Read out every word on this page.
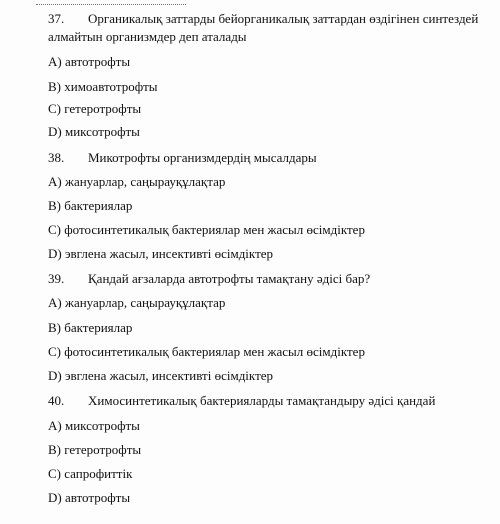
37. Органикалық заттарды бейорганикалық заттардан өздігінен синтездей
алмайтын организмдер деп аталады
A) автотрофты
B) химоавтотрофты
C) гетеротрофты
D) миксотрофты
38. Микотрофты организмдердің мысалдары
A) жануарлар, саңырауқұлақтар
B) бактериялар
C) фотосинтетикалық бактериялар мен жасыл өсімдіктер
D) эвглена жасыл, инсективті өсімдіктер
39. Қандай ағзаларда автотрофты тамақтану әдісі бар?
A) жануарлар, саңырауқұлақтар
B) бактериялар
C) фотосинтетикалық бактериялар мен жасыл өсімдіктер
D) эвглена жасыл, инсективті өсімдіктер
40. Химосинтетикалық бактерияларды тамақтандыру әдісі қандай
A) миксотрофты
B) гетеротрофты
C) сапрофиттік
D) автотрофты
